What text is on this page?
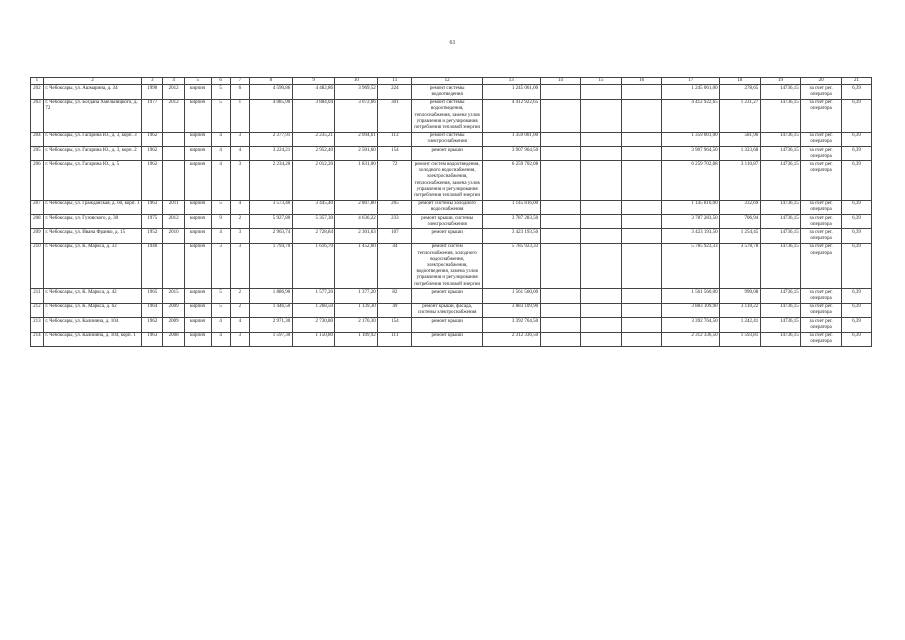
61
1	2	3	4	5	6	7	8	9	10	11	12	13	14	15	16	17	18	19	20	21
202	г. Чебоксары, ул. Ашмарина, д. 34	1990	2012	кирпич	5	6	4 590,86	4 482,86	3 969,52	224	ремонт системы водоотведения	1 245 061,00				1 245 061,00	278,65	14736,15	за счет рег. оператора	6,39
203	г. Чебоксары, ул. Богдана Хмельницкого, д. 72	1977	2012	кирпич	5	1	4 085,90	3 884,04	3 072,66	301	ремонт системы водоотведения, теплоснабжения, замена узлов управления и регулирования потребления тепловой энергии	4 412 922,65				4 412 922,65	1 231,27	14736,15	за счет рег. оператора	6,39
204	г. Чебоксары, ул. Гагарина Ю., д. 3, корп. 3	1962		кирпич	4	3	2 377,91	2 235,21	2 094,61	113	ремонт системы электроснабжения	1 359 001,00				1 359 001,00	581,96	14736,15	за счет рег. оператора	6,39
205	г. Чебоксары, ул. Гагарина Ю., д. 3, корп. 2	1962		кирпич	4	4	3 224,21	2 952,40	2 501,60	154	ремонт крыши	3 907 964,50				3 907 964,50	1 323,68	14736,15	за счет рег. оператора	6,39
206	г. Чебоксары, ул. Гагарина Ю., д. 5	1962		кирпич	4	3	2 234,20	2 012,20	1 831,00	72	ремонт систем водоотведения, холодного водоснабжения, электроснабжения, теплоснабжения, замена узлов управления и регулирования потребления тепловой энергии	6 259 702,08				6 259 702,08	3 110,87	14736,15	за счет рег. оператора	6,39
207	г. Чебоксары, ул. Гражданская, д. 60, корп. 1	1963	2011	кирпич	5	4	3 573,40	3 445,40	2 807,80	205	ремонт системы холодного водоснабжения	1 145 816,00				1 145 816,00	332,69	14736,15	за счет рег. оператора	6,39
208	г. Чебоксары, ул. Гузовского, д. 30	1975	2012	кирпич	9	2	5 927,80	5 357,30	4 636,22	233	ремонт крыши, системы электроснабжения	3 787 283,50				3 787 283,50	706,94	14736,15	за счет рег. оператора	6,39
209	г. Чебоксары, ул. Ивана Франко, д. 15	1952	2010	кирпич	4	3	2 963,74	2 728,84	2 301,63	107	ремонт крыши	3 423 193,50				3 423 193,50	1 254,45	14736,15	за счет рег. оператора	6,39
210	г. Чебоксары, ул. К. Маркса, д. 33	1940		кирпич	3	3	1 794,70	1 616,70	1 452,00	44	ремонт систем теплоснабжения, холодного водоснабжения, электроснабжения, водоотведения, замена узлов управления и регулирования потребления тепловой энергии	5 785 923,33				5 785 923,33	3 578,78	14736,15	за счет рег. оператора	6,39
211	г. Чебоксары, ул. К. Маркса, д. 42	1965	2015	кирпич	5	2	1 886,90	1 577,20	1 377,20	82	ремонт крыши	1 561 560,00				1 561 560,00	990,08	14736,15	за счет рег. оператора	6,39
212	г. Чебоксары, ул. К. Маркса, д. 62	1964	2009	кирпич	5	2	1 446,50	1 268,50	1 139,30	49	ремонт крыши, фасада, системы электроснабжения	3 883 109,90				3 883 109,90	3 110,22	14736,15	за счет рег. оператора	6,39
213	г. Чебоксары, ул. Калинина, д. 104	1962	2009	кирпич	4	4	2 971,30	2 730,80	2 176,30	154	ремонт крыши	3 392 764,50				3 392 764,50	1 242,41	14736,15	за счет рег. оператора	6,39
214	г. Чебоксары, ул. Калинина, д. 104, корп. 1	1963	2008	кирпич	4	3	1 597,30	1 150,80	1 109,92	111	ремонт крыши	2 312 336,50				2 312 336,50	1 593,81	14736,15	за счет рег. оператора	6,39
